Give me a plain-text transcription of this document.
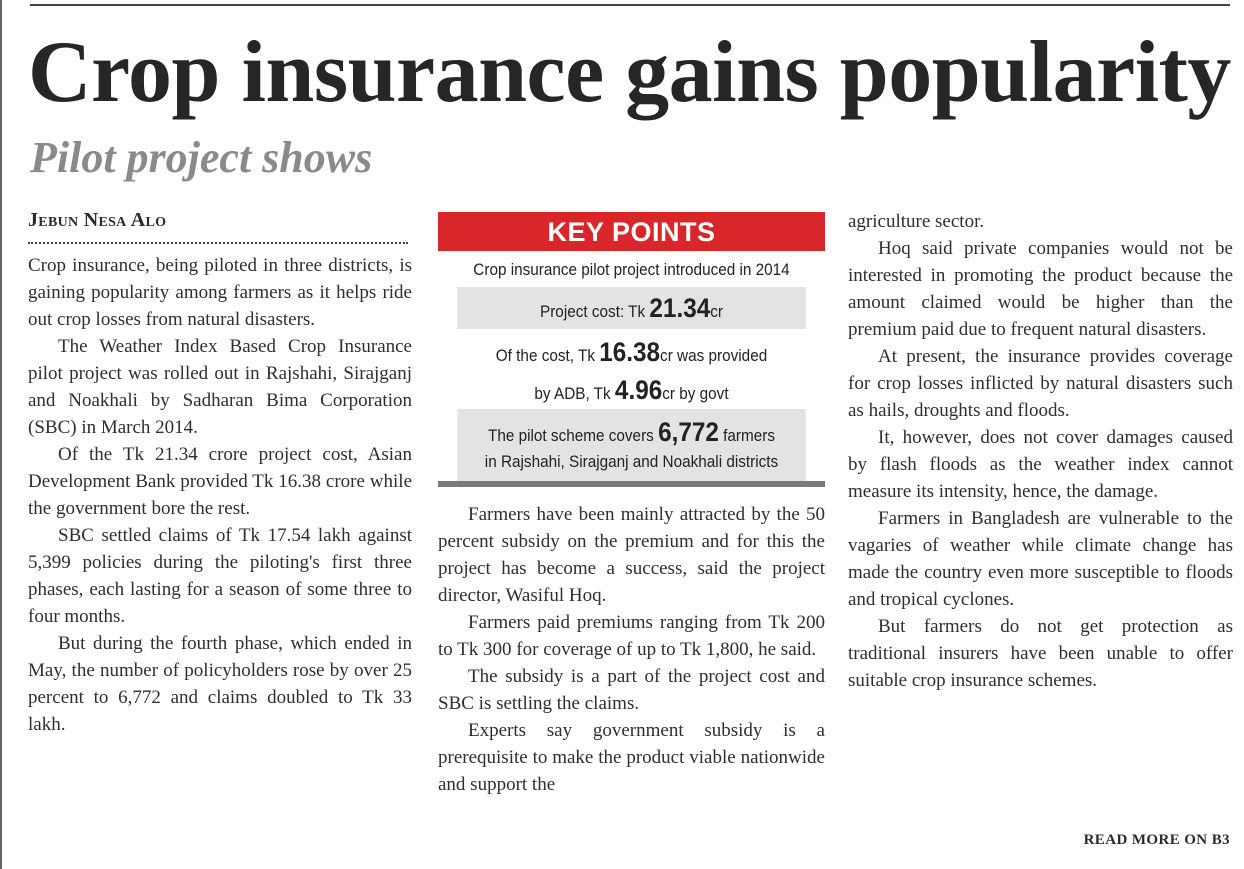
Crop insurance gains popularity
Pilot project shows
Jebun Nesa Alo

Crop insurance, being piloted in three districts, is gaining popularity among farmers as it helps ride out crop losses from natural disasters.

The Weather Index Based Crop Insurance pilot project was rolled out in Rajshahi, Sirajganj and Noakhali by Sadharan Bima Corporation (SBC) in March 2014.

Of the Tk 21.34 crore project cost, Asian Development Bank provided Tk 16.38 crore while the government bore the rest.

SBC settled claims of Tk 17.54 lakh against 5,399 policies during the piloting's first three phases, each lasting for a season of some three to four months.

But during the fourth phase, which ended in May, the number of policyholders rose by over 25 percent to 6,772 and claims doubled to Tk 33 lakh.

KEY POINTS
Crop insurance pilot project introduced in 2014
Project cost: Tk 21.34cr
Of the cost, Tk 16.38cr was provided
by ADB, Tk 4.96cr by govt
The pilot scheme covers 6,772 farmers
in Rajshahi, Sirajganj and Noakhali districts

Farmers have been mainly attracted by the 50 percent subsidy on the premium and for this the project has become a success, said the project director, Wasiful Hoq.

Farmers paid premiums ranging from Tk 200 to Tk 300 for coverage of up to Tk 1,800, he said.

The subsidy is a part of the project cost and SBC is settling the claims.

Experts say government subsidy is a prerequisite to make the product viable nationwide and support the

agriculture sector.

Hoq said private companies would not be interested in promoting the product because the amount claimed would be higher than the premium paid due to frequent natural disasters.

At present, the insurance provides coverage for crop losses inflicted by natural disasters such as hails, droughts and floods.

It, however, does not cover damages caused by flash floods as the weather index cannot measure its intensity, hence, the damage.

Farmers in Bangladesh are vulnerable to the vagaries of weather while climate change has made the country even more susceptible to floods and tropical cyclones.

But farmers do not get protection as traditional insurers have been unable to offer suitable crop insurance schemes.

READ MORE ON B3
